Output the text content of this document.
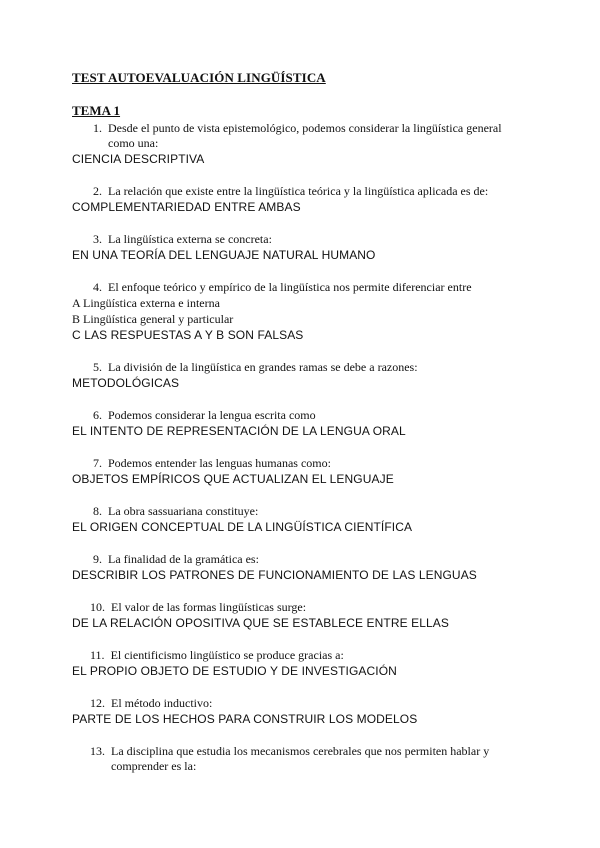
TEST AUTOEVALUACIÓN LINGÜÍSTICA
TEMA 1
1. Desde el punto de vista epistemológico, podemos considerar la lingüística general como una:
CIENCIA DESCRIPTIVA
2. La relación que existe entre la lingüística teórica y la lingüística aplicada es de:
COMPLEMENTARIEDAD ENTRE AMBAS
3. La lingüística externa se concreta:
EN UNA TEORÍA DEL LENGUAJE NATURAL HUMANO
4. El enfoque teórico y empírico de la lingüística nos permite diferenciar entre
A Lingüística externa e interna
B Lingüística general y particular
C LAS RESPUESTAS A Y B SON FALSAS
5. La división de la lingüística en grandes ramas se debe a razones:
METODOLÓGICAS
6. Podemos considerar la lengua escrita como
EL INTENTO DE REPRESENTACIÓN DE LA LENGUA ORAL
7. Podemos entender las lenguas humanas como:
OBJETOS EMPÍRICOS QUE ACTUALIZAN EL LENGUAJE
8. La obra sassuariana constituye:
EL ORIGEN CONCEPTUAL DE LA LINGÜÍSTICA CIENTÍFICA
9. La finalidad de la gramática es:
DESCRIBIR LOS PATRONES DE FUNCIONAMIENTO DE LAS LENGUAS
10. El valor de las formas lingüísticas surge:
DE LA RELACIÓN OPOSITIVA QUE SE ESTABLECE ENTRE ELLAS
11. El cientificismo lingüístico se produce gracias a:
EL PROPIO OBJETO DE ESTUDIO Y DE INVESTIGACIÓN
12. El método inductivo:
PARTE DE LOS HECHOS PARA CONSTRUIR LOS MODELOS
13. La disciplina que estudia los mecanismos cerebrales que nos permiten hablar y comprender es la:
